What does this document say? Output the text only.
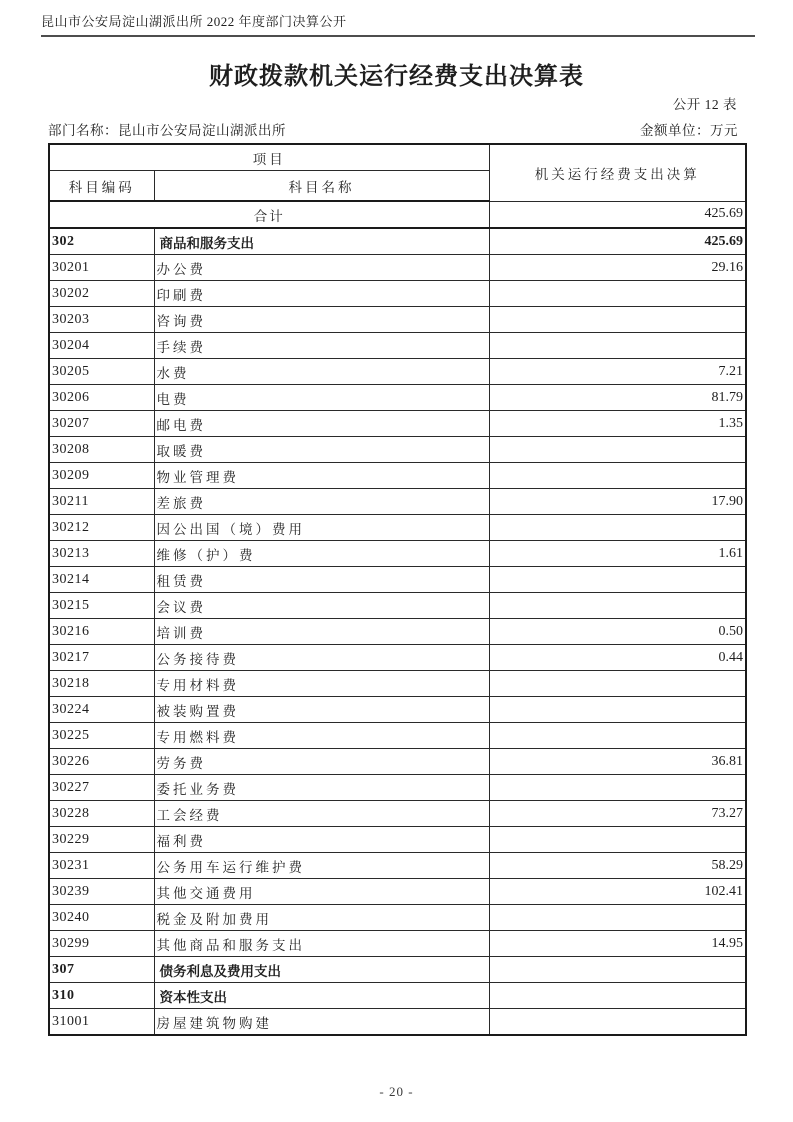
昆山市公安局淀山湖派出所 2022 年度部门决算公开
财政拨款机关运行经费支出决算表
公开 12 表
部门名称：昆山市公安局淀山湖派出所	金额单位：万元
项目		机关运行经费支出决算
科目编码	科目名称	
合计		425.69
302	商品和服务支出	425.69
30201	办公费	29.16
30202	印刷费	
30203	咨询费	
30204	手续费	
30205	水费	7.21
30206	电费	81.79
30207	邮电费	1.35
30208	取暖费	
30209	物业管理费	
30211	差旅费	17.90
30212	因公出国（境）费用	
30213	维修（护）费	1.61
30214	租赁费	
30215	会议费	
30216	培训费	0.50
30217	公务接待费	0.44
30218	专用材料费	
30224	被装购置费	
30225	专用燃料费	
30226	劳务费	36.81
30227	委托业务费	
30228	工会经费	73.27
30229	福利费	
30231	公务用车运行维护费	58.29
30239	其他交通费用	102.41
30240	税金及附加费用	
30299	其他商品和服务支出	14.95
307	债务利息及费用支出	
310	资本性支出	
31001	房屋建筑物购建	
- 20 -
